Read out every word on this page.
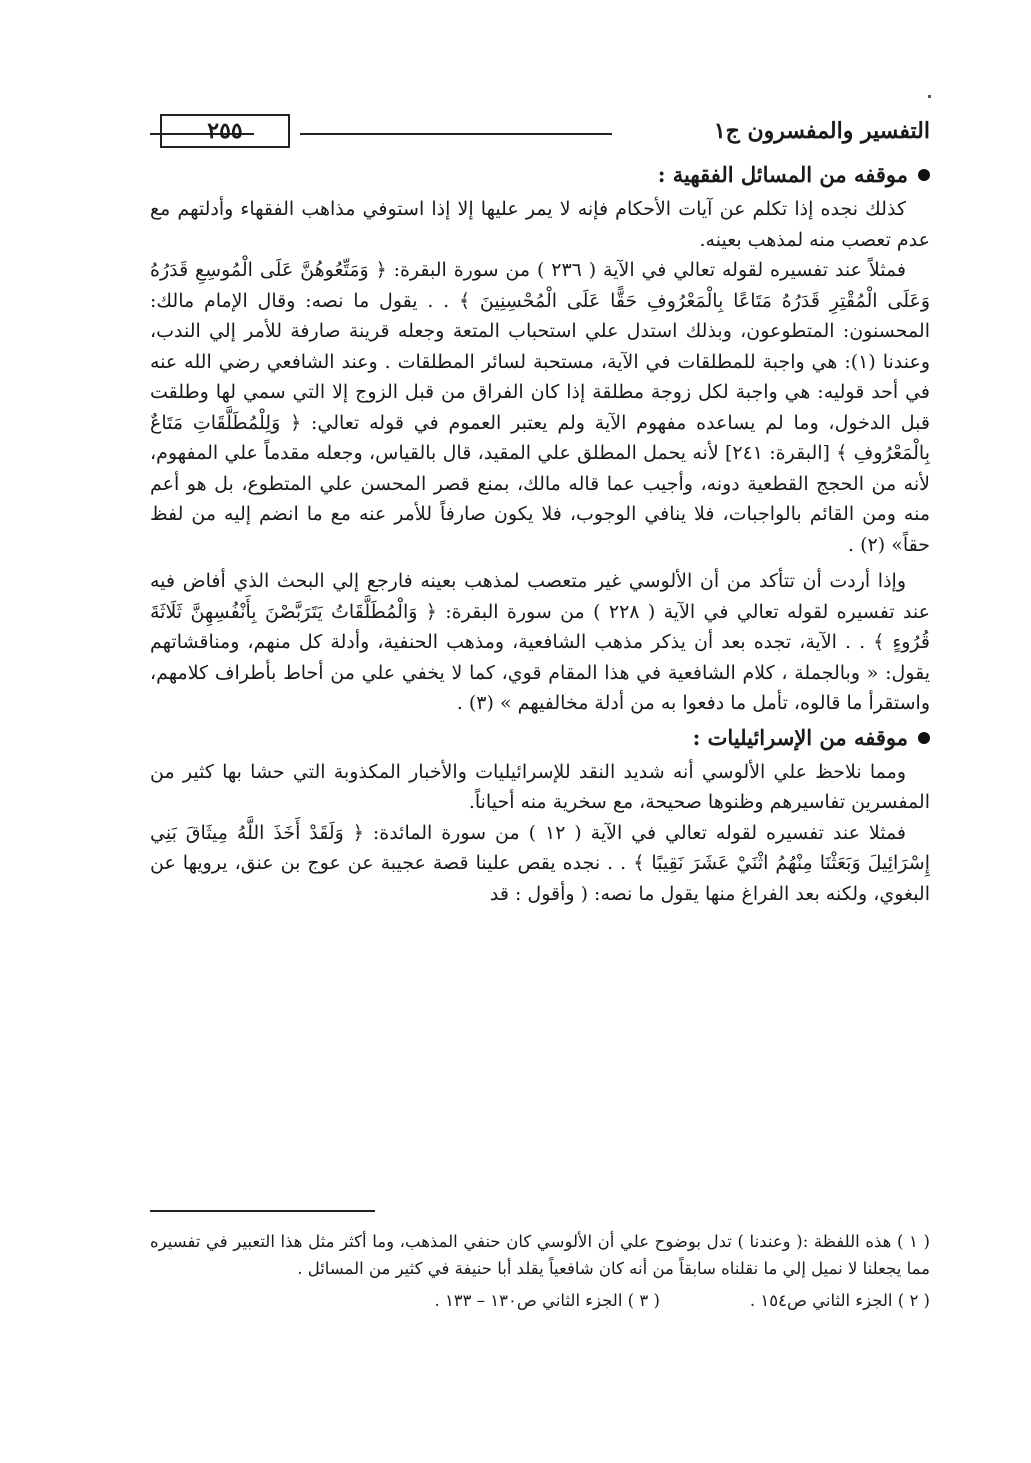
التفسير والمفسرون ج١
٢٥٥
موقفه من المسائل الفقهية :

كذلك نجده إذا تكلم عن آيات الأحكام فإنه لا يمر عليها إلا إذا استوفي مذاهب الفقهاء وأدلتهم مع عدم تعصب منه لمذهب بعينه.

فمثلاً عند تفسيره لقوله تعالي في الآية ( ٢٣٦ ) من سورة البقرة: ﴿ وَمَتِّعُوهُنَّ عَلَى الْمُوسِعِ قَدَرُهُ وَعَلَى الْمُقْتِرِ قَدَرُهُ مَتَاعًا بِالْمَعْرُوفِ حَقًّا عَلَى الْمُحْسِنِينَ ﴾ . . يقول ما نصه: وقال الإمام مالك: المحسنون: المتطوعون، وبذلك استدل علي استحباب المتعة وجعله قرينة صارفة للأمر إلي الندب، وعندنا (١): هي واجبة للمطلقات في الآية، مستحبة لسائر المطلقات . وعند الشافعي رضي الله عنه في أحد قوليه: هي واجبة لكل زوجة مطلقة إذا كان الفراق من قبل الزوج إلا التي سمي لها وطلقت قبل الدخول، وما لم يساعده مفهوم الآية ولم يعتبر العموم في قوله تعالي: ﴿ وَلِلْمُطَلَّقَاتِ مَتَاعٌ بِالْمَعْرُوفِ ﴾ [البقرة: ٢٤١] لأنه يحمل المطلق علي المقيد، قال بالقياس، وجعله مقدماً علي المفهوم، لأنه من الحجج القطعية دونه، وأجيب عما قاله مالك، بمنع قصر المحسن علي المتطوع، بل هو أعم منه ومن القائم بالواجبات، فلا ينافي الوجوب، فلا يكون صارفاً للأمر عنه مع ما انضم إليه من لفظ حقاً» (٢) .

وإذا أردت أن تتأكد من أن الألوسي غير متعصب لمذهب بعينه فارجع إلي البحث الذي أفاض فيه عند تفسيره لقوله تعالي في الآية ( ٢٢٨ ) من سورة البقرة: ﴿ وَالْمُطَلَّقَاتُ يَتَرَبَّصْنَ بِأَنْفُسِهِنَّ ثَلَاثَةَ قُرُوءٍ ﴾ . . الآية، تجده بعد أن يذكر مذهب الشافعية، ومذهب الحنفية، وأدلة كل منهم، ومناقشاتهم يقول: « وبالجملة ، كلام الشافعية في هذا المقام قوي، كما لا يخفي علي من أحاط بأطراف كلامهم، واستقرأ ما قالوه، تأمل ما دفعوا به من أدلة مخالفيهم » (٣) .

موقفه من الإسرائيليات :

ومما نلاحظ علي الألوسي أنه شديد النقد للإسرائيليات والأخبار المكذوبة التي حشا بها كثير من المفسرين تفاسيرهم وظنوها صحيحة، مع سخرية منه أحياناً.

فمثلا عند تفسيره لقوله تعالي في الآية ( ١٢ ) من سورة المائدة: ﴿ وَلَقَدْ أَخَذَ اللَّهُ مِيثَاقَ بَنِي إِسْرَائِيلَ وَبَعَثْنَا مِنْهُمُ اثْنَيْ عَشَرَ نَقِيبًا ﴾ . . نجده يقص علينا قصة عجيبة عن عوج بن عنق، يرويها عن البغوي، ولكنه بعد الفراغ منها يقول ما نصه: ( وأقول : قد

( ١ ) هذه اللفظة :( وعندنا ) تدل بوضوح علي أن الألوسي كان حنفي المذهب، وما أكثر مثل هذا التعبير في تفسيره مما يجعلنا لا نميل إلي ما نقلناه سابقاً من أنه كان شافعياً يقلد أبا حنيفة في كثير من المسائل .

( ٢ ) الجزء الثاني ص١٥٤ .
( ٣ ) الجزء الثاني ص١٣٠ – ١٣٣ .
